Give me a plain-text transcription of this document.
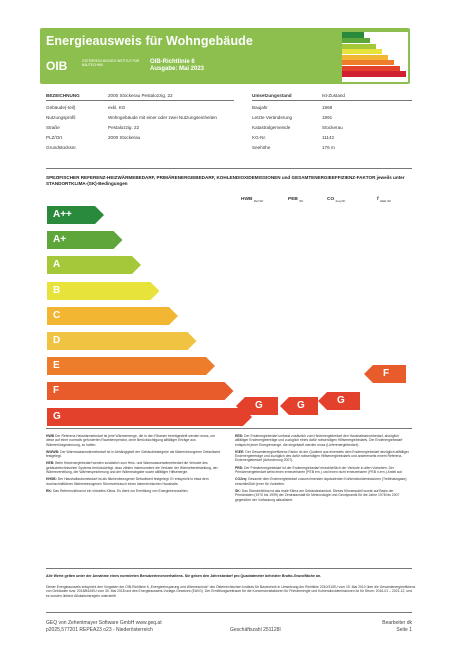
Energieausweis für Wohngebäude
OIB	ÖSTERREICHISCHES INSTITUT FÜR BAUTECHNIK
OIB-Richtlinie 6
Ausgabe: Mai 2023
BEZEICHNUNG	2000 Stockerau Pestalozzig. 22
Gebäude(-teil)	exkl. KG
Nutzungsprofil	Wohngebäude mit einer oder zwei Nutzungseinheiten
Straße	Pestalozzig. 22
PLZ/Ort	2000 Stockerau
Grundstücksnr.
Umsetzungsstand	Ist-Zustand
Baujahr	1968
Letzte Veränderung	1991
Katastralgemeinde	Stockerau
KG-Nr.	11142
Seehöhe	176 m
SPEZIFISCHER REFERENZ-HEIZWÄRMEBEDARF, PRIMÄRENERGIEBEDARF, KOHLENDIOXIDEMISSIONEN und GESAMTENERGIEEFFIZIENZ-FAKTOR jeweils unter STANDORTKLIMA-(SK)-Bedingungen
HWB $_{Ref,SK}$	PEB $_{SK}$	CO $_{2eq,SK}$	f $_{GEE,SK}$
A++
A+
A
B
C
D
E
F
G
G	G	G
F

HWB Der Referenz-Heizwärmebedarf ist jene Wärmemenge, die in den Räumen bereitgestellt werden muss, um diese auf einer normativ geforderten Raumtemperatur, ohne Berücksichtigung allfälliger Erträge aus Wärmerückgewinnung, zu halten.

WWWB: Der Warmwasserwärmebedarf ist in Abhängigkeit der Gebäudekategorie als flächenbezogener Defaultwert festgelegt.

HEB: Beim Heizenergiebedarf werden zusätzlich zum Heiz- und Warmwasserwärmebedarf die Verluste des gebäudetechnischen Systems berücksichtigt, dazu zählen insbesondere die Verluste der Wärmebereitstellung, der Wärmeverteilung, der Wärmespeicherung und der Wärmeabgabe sowie allfälliger Hilfsenergie.

HHSB: Der Haushaltsstrombedarf ist als flächenbezogener Defaultwert festgelegt. Er entspricht in etwa dem durchschnittlichen flächenbezogenen Stromverbrauch eines österreichischen Haushalts.

RK: Das Referenzklima ist ein virtuelles Klima. Es dient zur Ermittlung von Energiekennzahlen.

EEB: Der Endenergiebedarf umfasst zusätzlich zum Heizenergiebedarf den Haushaltsstrombedarf, abzüglich allfälliger Endenergieerträge und zuzüglich eines dafür notwendigen Hilfsenergiebedarfs. Der Endenergiebedarf entspricht jener Energiemenge, die eingekauft werden muss (Lieferenergiebedarf).

fGEE: Der Gesamtenergieeffizienz-Faktor ist der Quotient aus einerseits dem Endenergiebedarf abzüglich allfälliger Endenergieerträge und zuzüglich des dafür notwendigen Hilfsenergiebedarfs und andererseits einem Referenz-Endenergiebedarf (Anforderung 2007).

PEB: Der Primärenergiebedarf ist der Endenergiebedarf einschließlich der Verluste in allen Vorketten. Der Primärenergiebedarf weist einen erneuerbaren (PEB ern.) und einen nicht erneuerbaren (PEB n.ern.) Anteil auf.

CO2eq: Gesamte dem Endenergiebedarf zuzurechnenden äquivalenten Kohlendioxidemissionen (Treibhausgase), einschließlich jener für Vorketten.

SK: Das Standortklima ist das reale Klima am Gebäudestandort. Dieses Klimamodell wurde auf Basis der Primärdaten (1970 bis 1999) der Zentralanstalt für Meteorologie und Geodynamik für die Jahre 1978 bis 2007 gegenüber der Vorfassung aktualisiert.

Alle Werte gelten unter der Annahme eines normierten Benutzerinnenverhaltens. Sie geben den Jahresbedarf pro Quadratmeter beheizter Brutto-Grundfläche an.
Dieser Energieausweis entspricht den Vorgaben der OIB-Richtlinie 6 „Energieeinsparung und Wärmeschutz“ des Österreichischen Instituts für Bautechnik in Umsetzung der Richtlinie 2010/31/EU vom 19. Mai 2010 über die Gesamtenergieeffizienz von Gebäuden bzw. 2018/844/EU vom 30. Mai 2018 und des Energieausweis-Vorlage-Gesetzes (EAVG). Der Ermittlungszeitraum für die Konversionsfaktoren für Primärenergie und Kohlendioxidemissionen ist für Strom: 2016-01 – 2021-12, und es wurden übliche Allokationsregeln unterstellt.
GEQ von Zehentmayer Software GmbH www.geq.at
p2025,577201 REPEA23 o23 - Niederösterreich	Geschäftszahl 251128I
Bearbeiter dk
Seite 1
